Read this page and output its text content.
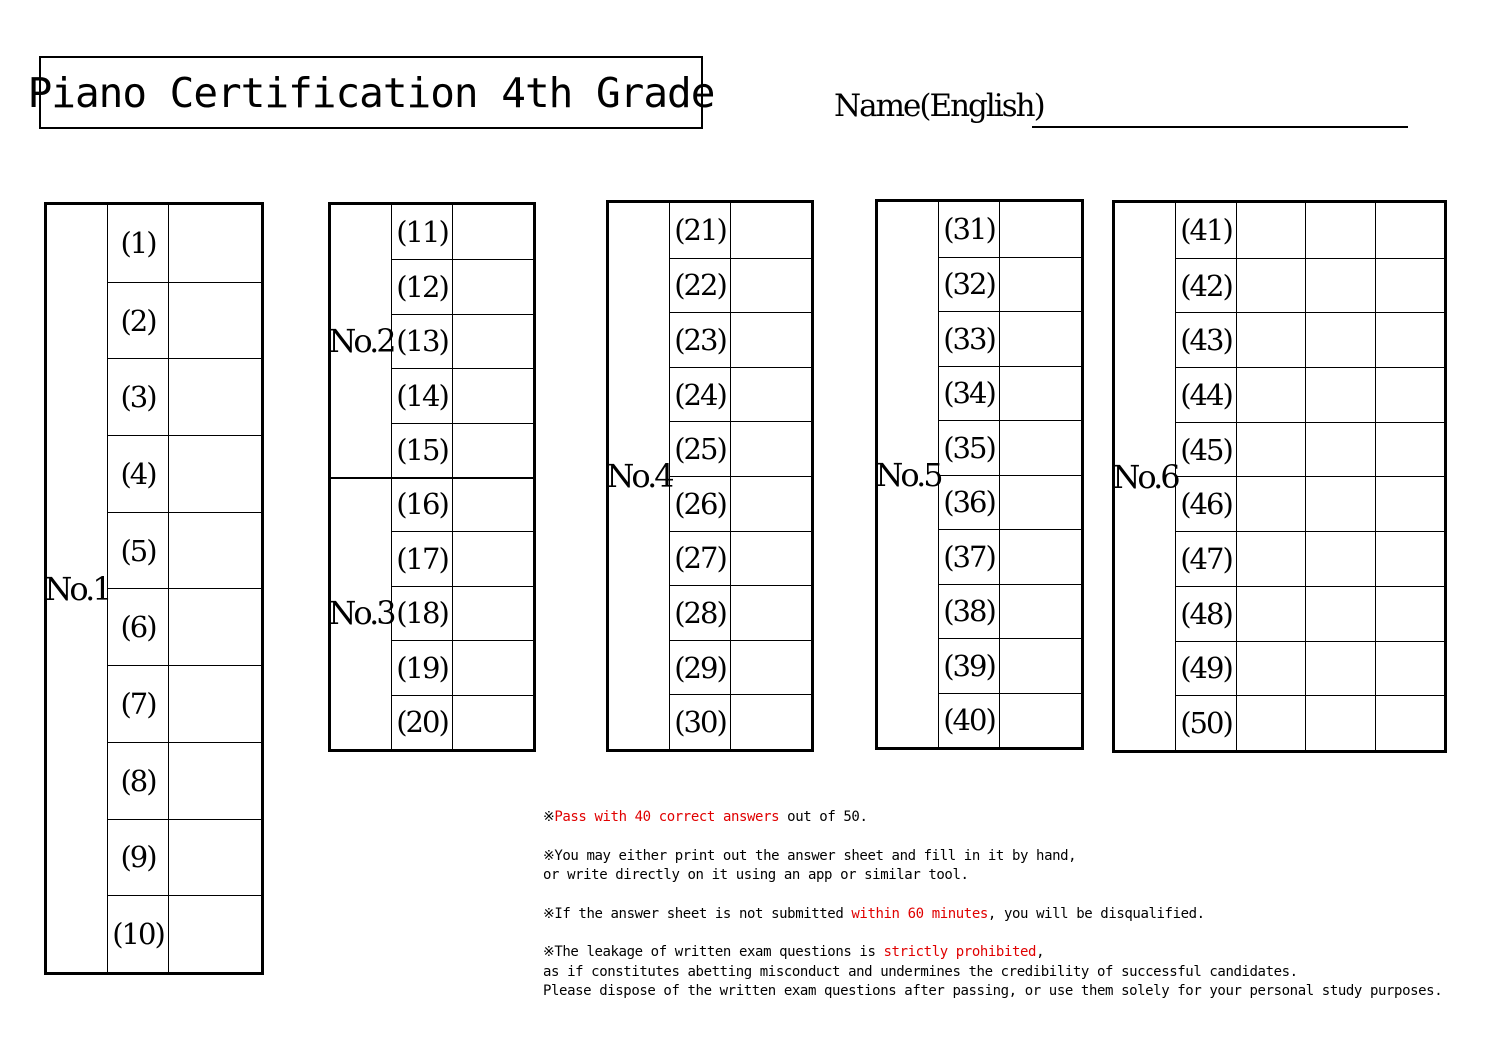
Piano Certification 4th Grade	Name(English)
No.1
(1)
(2)
(3)
(4)
(5)
(6)
(7)
(8)
(9)
(10)
No.2
No.3
(11)
(12)
(13)
(14)
(15)
(16)
(17)
(18)
(19)
(20)
No.4
(21)
(22)
(23)
(24)
(25)
(26)
(27)
(28)
(29)
(30)
No.5
(31)
(32)
(33)
(34)
(35)
(36)
(37)
(38)
(39)
(40)
No.6
(41)
(42)
(43)
(44)
(45)
(46)
(47)
(48)
(49)
(50)
※Pass with 40 correct answers out of 50.
※You may either print out the answer sheet and fill in it by hand,
or write directly on it using an app or similar tool.
※If the answer sheet is not submitted within 60 minutes, you will be disqualified.
※The leakage of written exam questions is strictly prohibited,
as if constitutes abetting misconduct and undermines the credibility of successful candidates.
Please dispose of the written exam questions after passing, or use them solely for your personal study purposes.
